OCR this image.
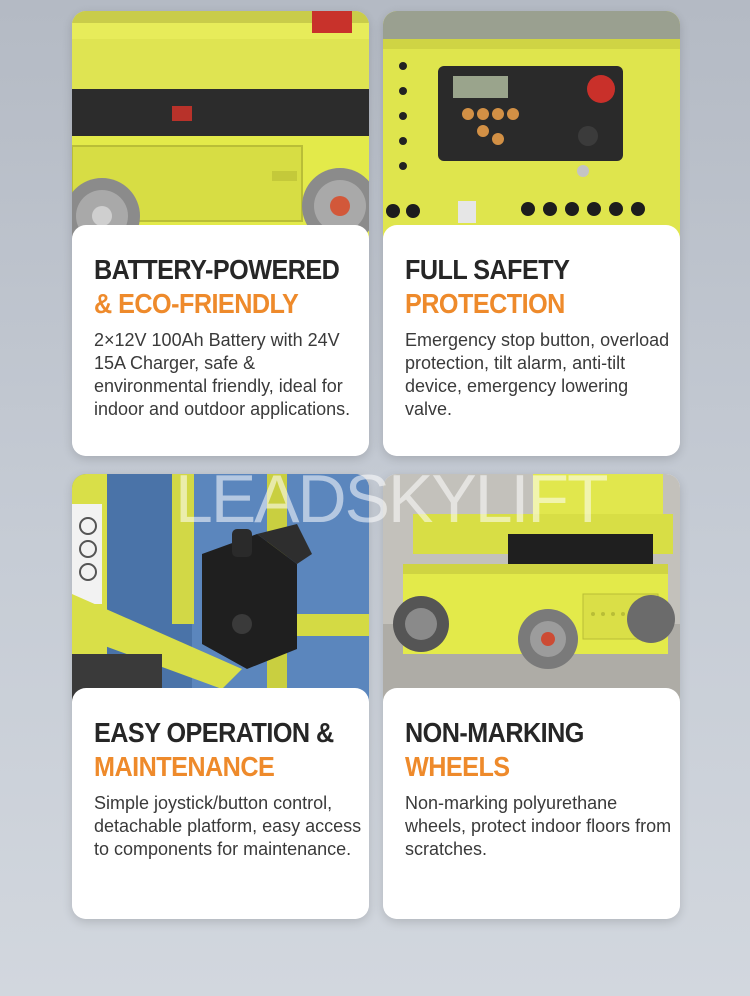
BATTERY-POWERED
& ECO-FRIENDLY

2×12V 100Ah Battery with 24V 15A Charger, safe & environmental friendly, ideal for indoor and outdoor applications.

FULL SAFETY
PROTECTION

Emergency stop button, overload protection, tilt alarm, anti-tilt device, emergency lowering valve.

EASY OPERATION &
MAINTENANCE

Simple joystick/button control, detachable platform, easy access to components for maintenance.

NON-MARKING
WHEELS

Non-marking polyurethane wheels, protect indoor floors from scratches.

LEADSKYLIFT
